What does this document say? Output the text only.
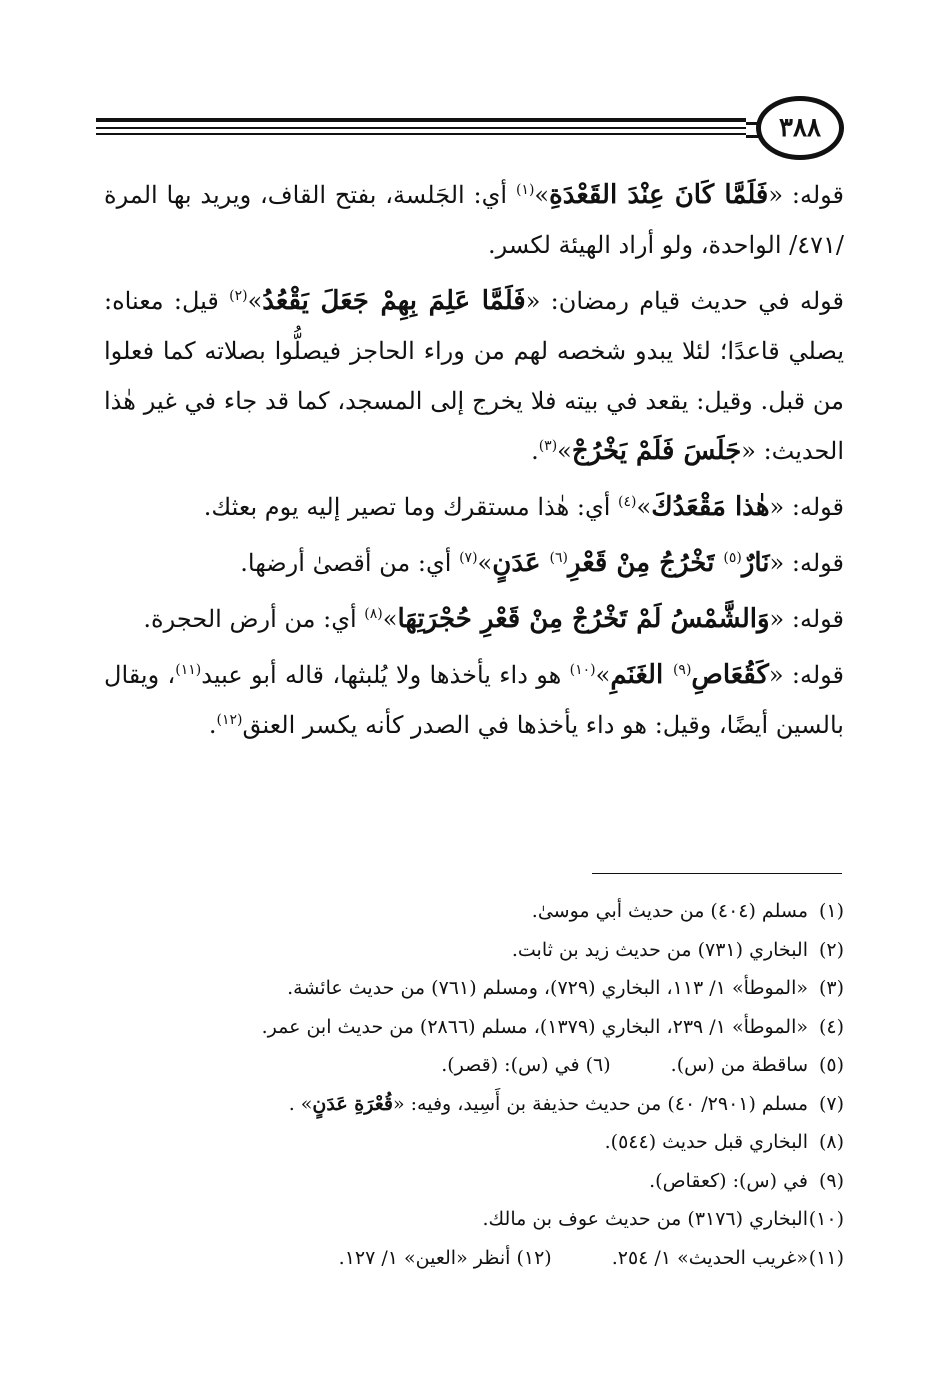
٣٨٨

قوله: «فَلَمَّا كَانَ عِنْدَ القَعْدَةِ»$^{(١)}$ أي: الجَلسة، بفتح القاف، ويريد بها المرة /٤٧١/ الواحدة، ولو أراد الهيئة لكسر.

قوله في حديث قيام رمضان: «فَلَمَّا عَلِمَ بِهِمْ جَعَلَ يَقْعُدُ»$^{(٢)}$ قيل: معناه: يصلي قاعدًا؛ لئلا يبدو شخصه لهم من وراء الحاجز فيصلُّوا بصلاته كما فعلوا من قبل. وقيل: يقعد في بيته فلا يخرج إلى المسجد، كما قد جاء في غير هٰذا الحديث: «جَلَسَ فَلَمْ يَخْرُجْ»$^{(٣)}$.

قوله: «هٰذا مَقْعَدُكَ»$^{(٤)}$ أي: هٰذا مستقرك وما تصير إليه يوم بعثك.

قوله: «نَارٌ$^{(٥)}$ تَخْرُجُ مِنْ قَعْرِ$^{(٦)}$ عَدَنٍ»$^{(٧)}$ أي: من أقصىٰ أرضها.

قوله: «وَالشَّمْسُ لَمْ تَخْرُجْ مِنْ قَعْرِ حُجْرَتِهَا»$^{(٨)}$ أي: من أرض الحجرة.

قوله: «كَقُعَاصِ$^{(٩)}$ الغَنَمِ»$^{(١٠)}$ هو داء يأخذها ولا يُلبثها، قاله أبو عبيد$^{(١١)}$، ويقال بالسين أيضًا، وقيل: هو داء يأخذها في الصدر كأنه يكسر العنق$^{(١٢)}$.

(١)مسلم (٤٠٤) من حديث أبي موسىٰ.
(٢)البخاري (٧٣١) من حديث زيد بن ثابت.
(٣)«الموطأ» ١/ ١١٣، البخاري (٧٢٩)، ومسلم (٧٦١) من حديث عائشة.
(٤)«الموطأ» ١/ ٢٣٩، البخاري (١٣٧٩)، مسلم (٢٨٦٦) من حديث ابن عمر.
(٥)ساقطة من (س).(٦) في (س): (قصر).
(٧)مسلم (٢٩٠١/ ٤٠) من حديث حذيفة بن أَسِيد، وفيه: «قُعْرَةِ عَدَنٍ» .
(٨)البخاري قبل حديث (٥٤٤).
(٩)في (س): (كعقاص).
(١٠)البخاري (٣١٧٦) من حديث عوف بن مالك.
(١١)«غريب الحديث» ١/ ٢٥٤.(١٢) أنظر «العين» ١/ ١٢٧.
